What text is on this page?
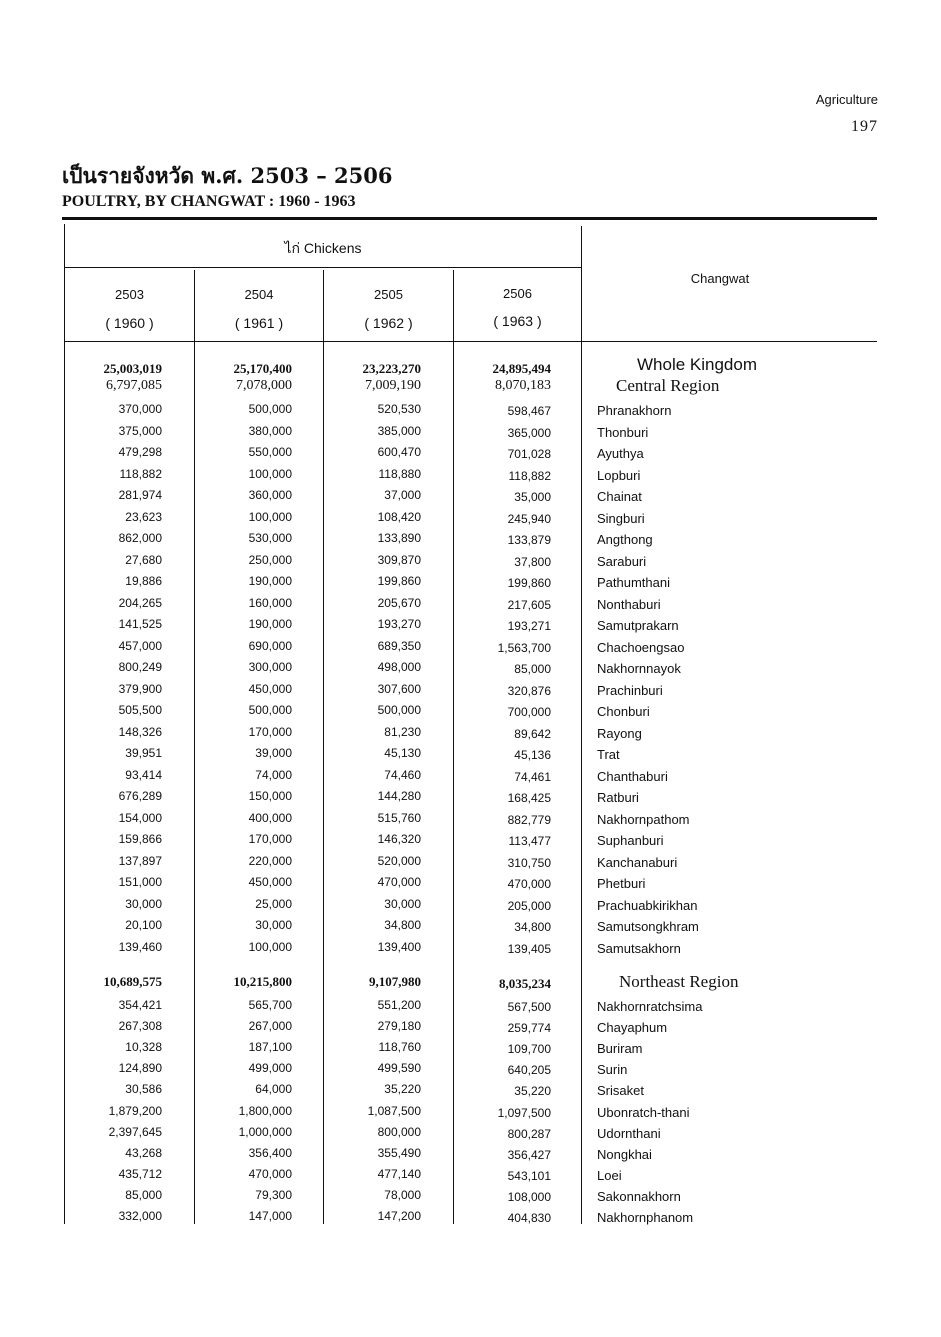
Agriculture
197
เป็นรายจังหวัด พ.ศ. 2503 – 2506
POULTRY, BY CHANGWAT : 1960 - 1963
ไก่ Chickens
Changwat
2503	2504	2505	2506
( 1960 )	( 1961 )	( 1962 )	( 1963 )
25,003,019	25,170,400	23,223,270	24,895,494	Whole Kingdom
6,797,085	7,078,000	7,009,190	8,070,183	Central Region
370,000	500,000	520,530	598,467	Phranakhorn
375,000	380,000	385,000	365,000	Thonburi
479,298	550,000	600,470	701,028	Ayuthya
118,882	100,000	118,880	118,882	Lopburi
281,974	360,000	37,000	35,000	Chainat
23,623	100,000	108,420	245,940	Singburi
862,000	530,000	133,890	133,879	Angthong
27,680	250,000	309,870	37,800	Saraburi
19,886	190,000	199,860	199,860	Pathumthani
204,265	160,000	205,670	217,605	Nonthaburi
141,525	190,000	193,270	193,271	Samutprakarn
457,000	690,000	689,350	1,563,700	Chachoengsao
800,249	300,000	498,000	85,000	Nakhornnayok
379,900	450,000	307,600	320,876	Prachinburi
505,500	500,000	500,000	700,000	Chonburi
148,326	170,000	81,230	89,642	Rayong
39,951	39,000	45,130	45,136	Trat
93,414	74,000	74,460	74,461	Chanthaburi
676,289	150,000	144,280	168,425	Ratburi
154,000	400,000	515,760	882,779	Nakhornpathom
159,866	170,000	146,320	113,477	Suphanburi
137,897	220,000	520,000	310,750	Kanchanaburi
151,000	450,000	470,000	470,000	Phetburi
30,000	25,000	30,000	205,000	Prachuabkirikhan
20,100	30,000	34,800	34,800	Samutsongkhram
139,460	100,000	139,400	139,405	Samutsakhorn
10,689,575	10,215,800	9,107,980	8,035,234	Northeast Region
354,421	565,700	551,200	567,500	Nakhornratchsima
267,308	267,000	279,180	259,774	Chayaphum
10,328	187,100	118,760	109,700	Buriram
124,890	499,000	499,590	640,205	Surin
30,586	64,000	35,220	35,220	Srisaket
1,879,200	1,800,000	1,087,500	1,097,500	Ubonratch-thani
2,397,645	1,000,000	800,000	800,287	Udornthani
43,268	356,400	355,490	356,427	Nongkhai
435,712	470,000	477,140	543,101	Loei
85,000	79,300	78,000	108,000	Sakonnakhorn
332,000	147,000	147,200	404,830	Nakhornphanom
